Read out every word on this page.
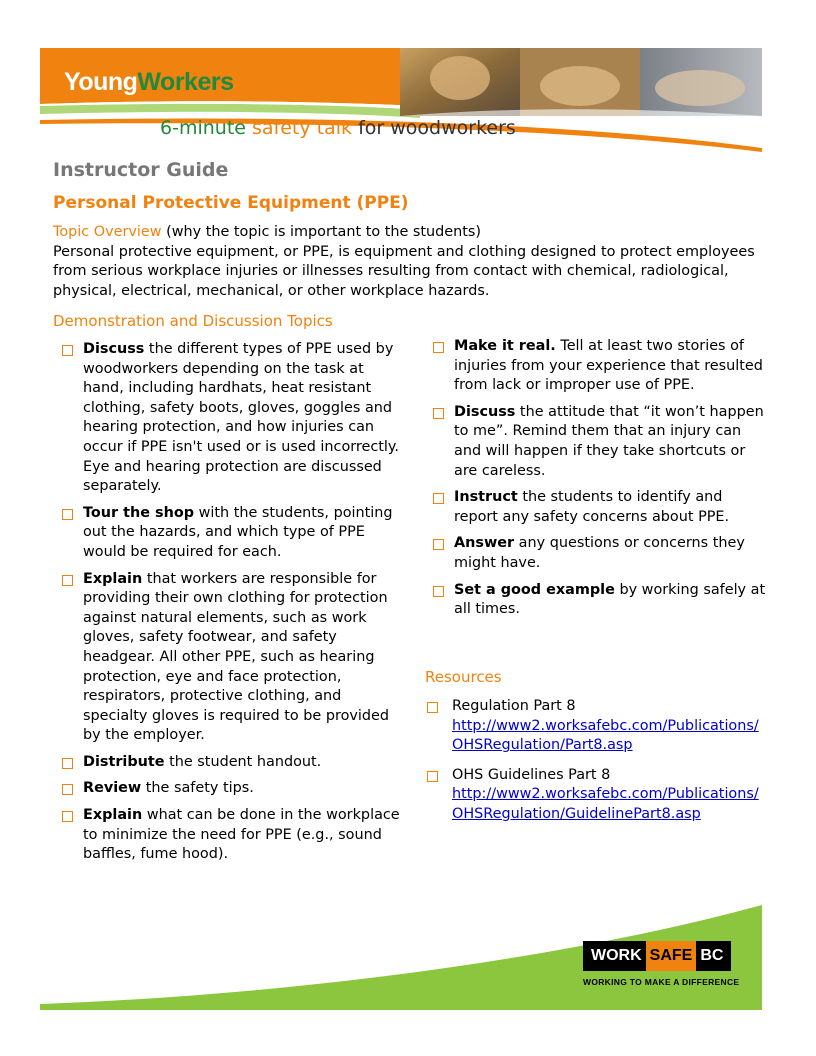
YoungWorkers
6-minute safety talk for woodworkers
Instructor Guide
Personal Protective Equipment (PPE)
Topic Overview (why the topic is important to the students)
Personal protective equipment, or PPE, is equipment and clothing designed to protect employees from serious workplace injuries or illnesses resulting from contact with chemical, radiological, physical, electrical, mechanical, or other workplace hazards.
Demonstration and Discussion Topics
Discuss the different types of PPE used by woodworkers depending on the task at hand, including hardhats, heat resistant clothing, safety boots, gloves, goggles and hearing protection, and how injuries can occur if PPE isn't used or is used incorrectly. Eye and hearing protection are discussed separately.
Tour the shop with the students, pointing out the hazards, and which type of PPE would be required for each.
Explain that workers are responsible for providing their own clothing for protection against natural elements, such as work gloves, safety footwear, and safety headgear. All other PPE, such as hearing protection, eye and face protection, respirators, protective clothing, and specialty gloves is required to be provided by the employer.
Distribute the student handout.
Review the safety tips.
Explain what can be done in the workplace to minimize the need for PPE (e.g., sound baffles, fume hood).
Make it real. Tell at least two stories of injuries from your experience that resulted from lack or improper use of PPE.
Discuss the attitude that “it won’t happen to me”. Remind them that an injury can and will happen if they take shortcuts or are careless.
Instruct the students to identify and report any safety concerns about PPE.
Answer any questions or concerns they might have.
Set a good example by working safely at all times.
Resources
Regulation Part 8
http://www2.worksafebc.com/Publications/OHSRegulation/Part8.asp
OHS Guidelines Part 8
http://www2.worksafebc.com/Publications/OHSRegulation/GuidelinePart8.asp
WORK SAFE BC
WORKING TO MAKE A DIFFERENCE
